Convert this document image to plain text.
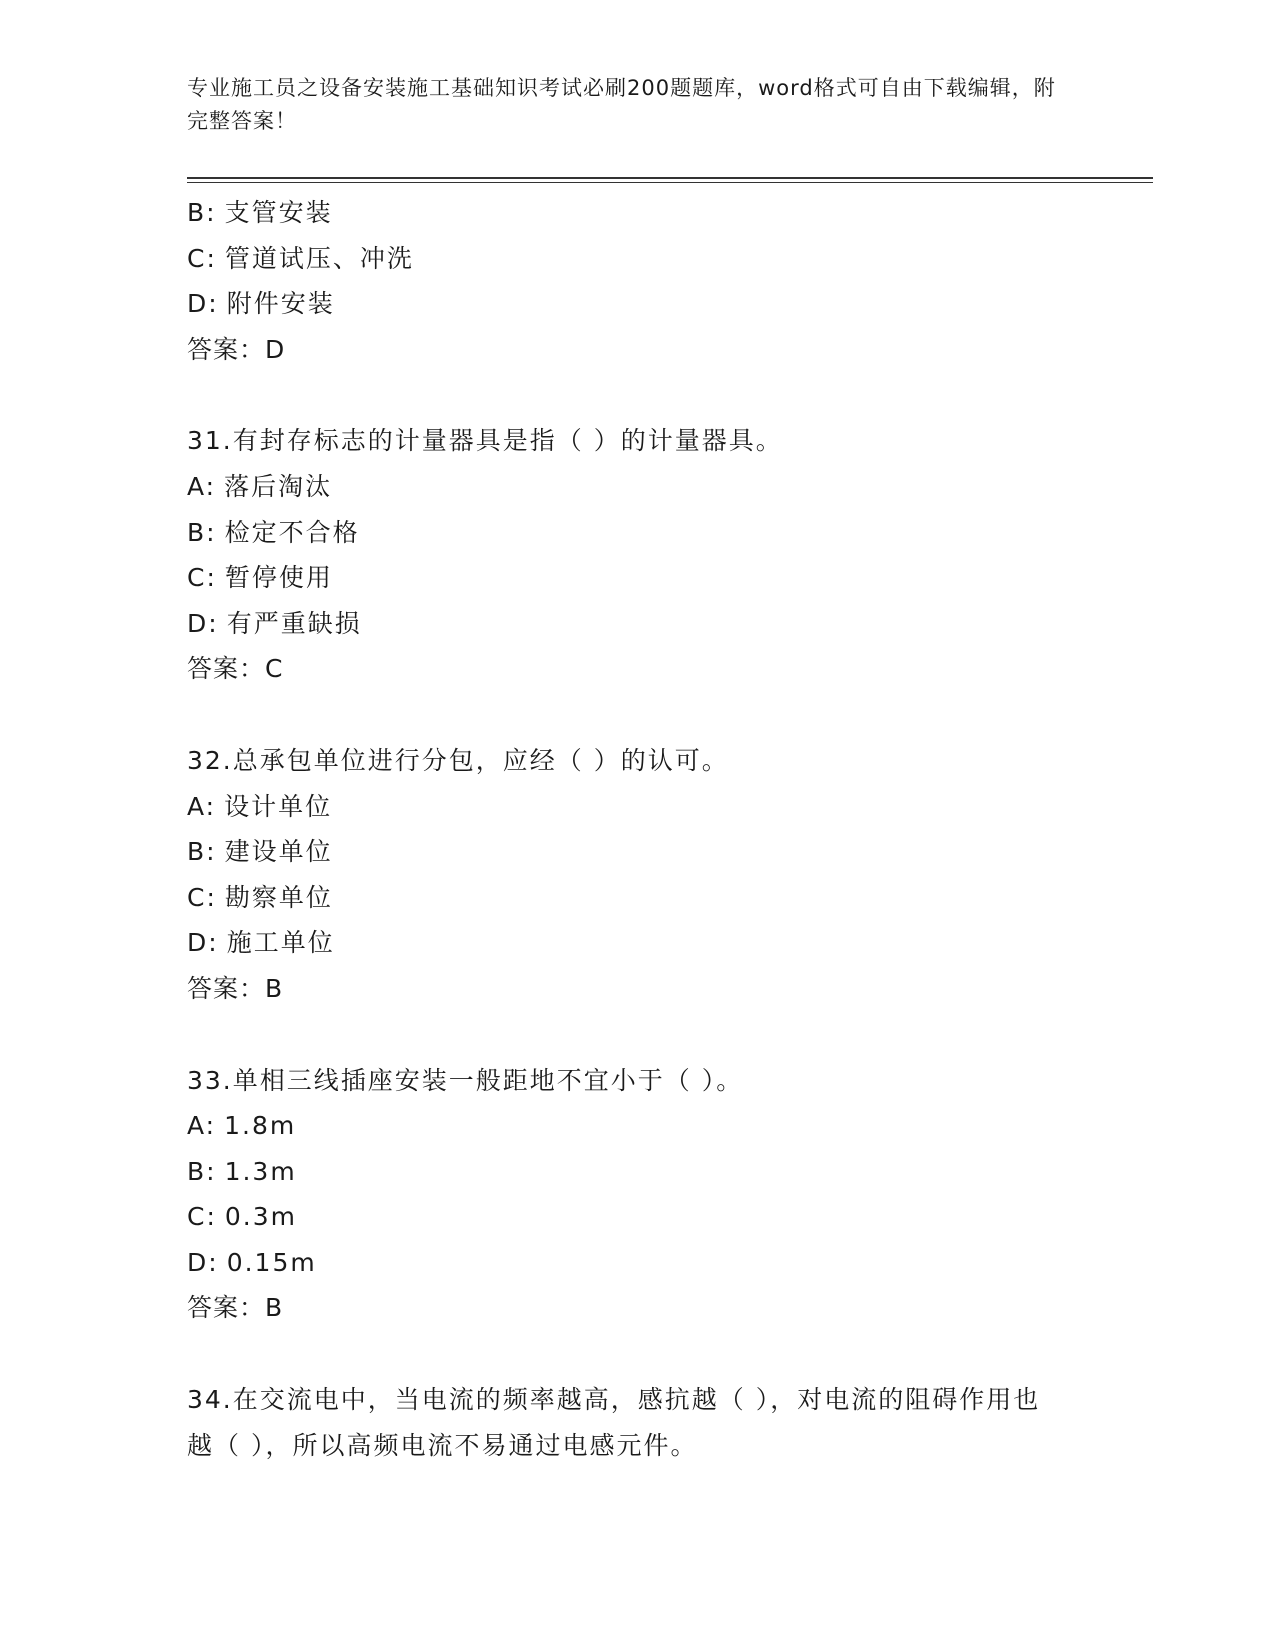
专业施工员之设备安装施工基础知识考试必刷200题题库，word格式可自由下载编辑，附完整答案！
B: 支管安装
C: 管道试压、冲洗
D: 附件安装
答案：D
31.有封存标志的计量器具是指（ ）的计量器具。
A: 落后淘汰
B: 检定不合格
C: 暂停使用
D: 有严重缺损
答案：C
32.总承包单位进行分包，应经（ ）的认可。
A: 设计单位
B: 建设单位
C: 勘察单位
D: 施工单位
答案：B
33.单相三线插座安装一般距地不宜小于（ ）。
A: 1.8m
B: 1.3m
C: 0.3m
D: 0.15m
答案：B
34.在交流电中，当电流的频率越高，感抗越（ ），对电流的阻碍作用也越（ ），所以高频电流不易通过电感元件。
